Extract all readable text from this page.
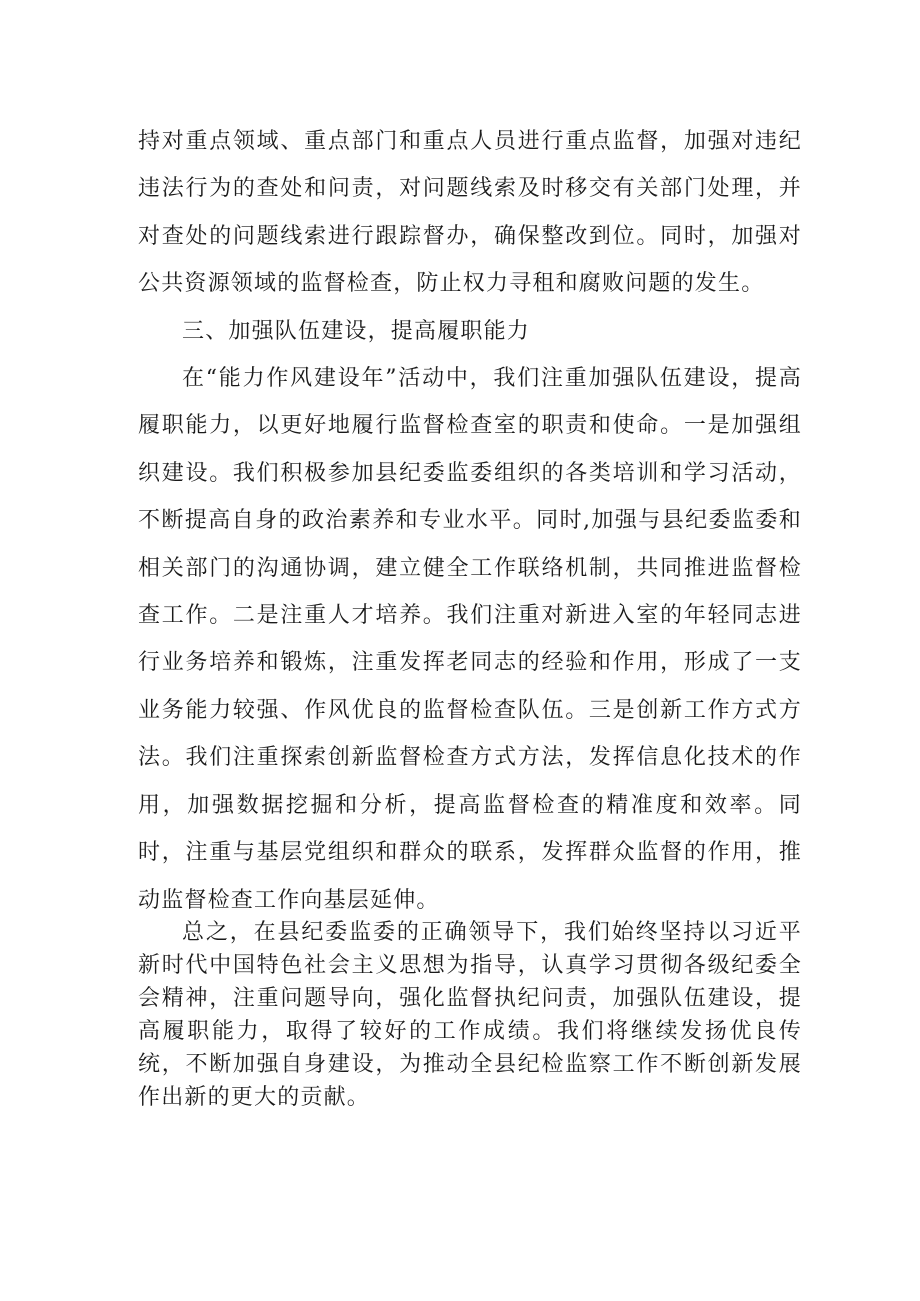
持对重点领域、重点部门和重点人员进行重点监督，加强对违纪违法行为的查处和问责，对问题线索及时移交有关部门处理，并对查处的问题线索进行跟踪督办，确保整改到位。同时，加强对公共资源领域的监督检查，防止权力寻租和腐败问题的发生。

三、加强队伍建设，提高履职能力

在“能力作风建设年”活动中，我们注重加强队伍建设，提高履职能力，以更好地履行监督检查室的职责和使命。一是加强组织建设。我们积极参加县纪委监委组织的各类培训和学习活动，不断提高自身的政治素养和专业水平。同时,加强与县纪委监委和相关部门的沟通协调，建立健全工作联络机制，共同推进监督检查工作。二是注重人才培养。我们注重对新进入室的年轻同志进行业务培养和锻炼，注重发挥老同志的经验和作用，形成了一支业务能力较强、作风优良的监督检查队伍。三是创新工作方式方法。我们注重探索创新监督检查方式方法，发挥信息化技术的作用，加强数据挖掘和分析，提高监督检查的精准度和效率。同时，注重与基层党组织和群众的联系，发挥群众监督的作用，推动监督检查工作向基层延伸。

总之，在县纪委监委的正确领导下，我们始终坚持以习近平新时代中国特色社会主义思想为指导，认真学习贯彻各级纪委全会精神，注重问题导向，强化监督执纪问责，加强队伍建设，提高履职能力，取得了较好的工作成绩。我们将继续发扬优良传统，不断加强自身建设，为推动全县纪检监察工作不断创新发展作出新的更大的贡献。
